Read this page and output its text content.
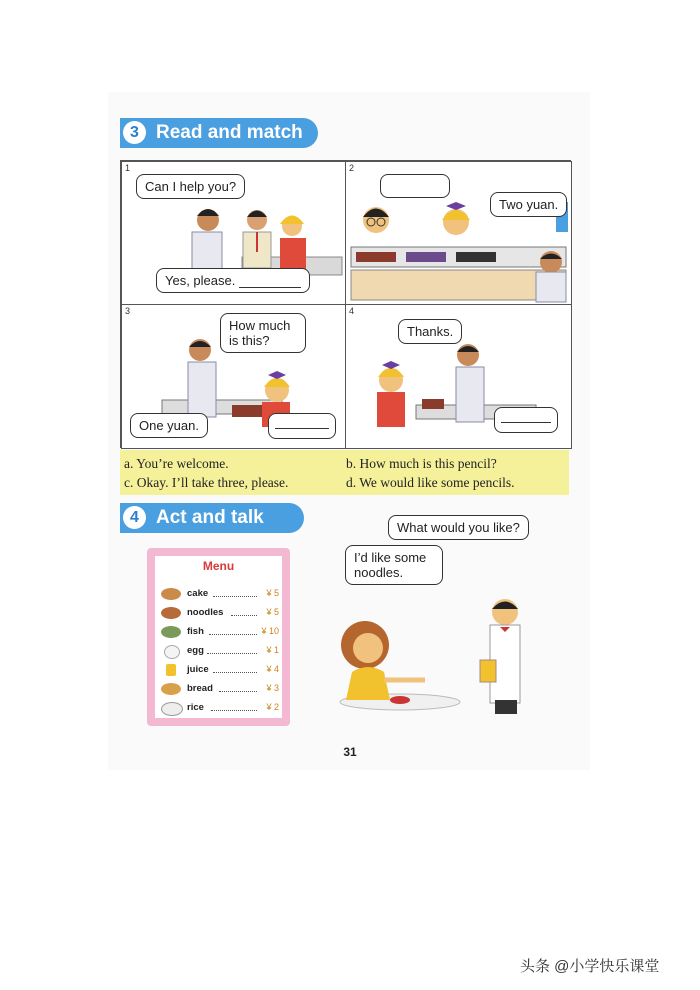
3 Read and match
1
Can I help you?
Yes, please.
2
Two yuan.
3
How much is this?
One yuan.
4
Thanks.
a. You’re welcome.	b. How much is this pencil?
c. Okay. I’ll take three, please.	d. We would like some pencils.
4 Act and talk
Menu
cake	¥ 5
noodles	¥ 5
fish	¥ 10
egg	¥ 1
juice	¥ 4
bread	¥ 3
rice	¥ 2
What would you like?
I’d like some noodles.
31
头条 @小学快乐课堂
